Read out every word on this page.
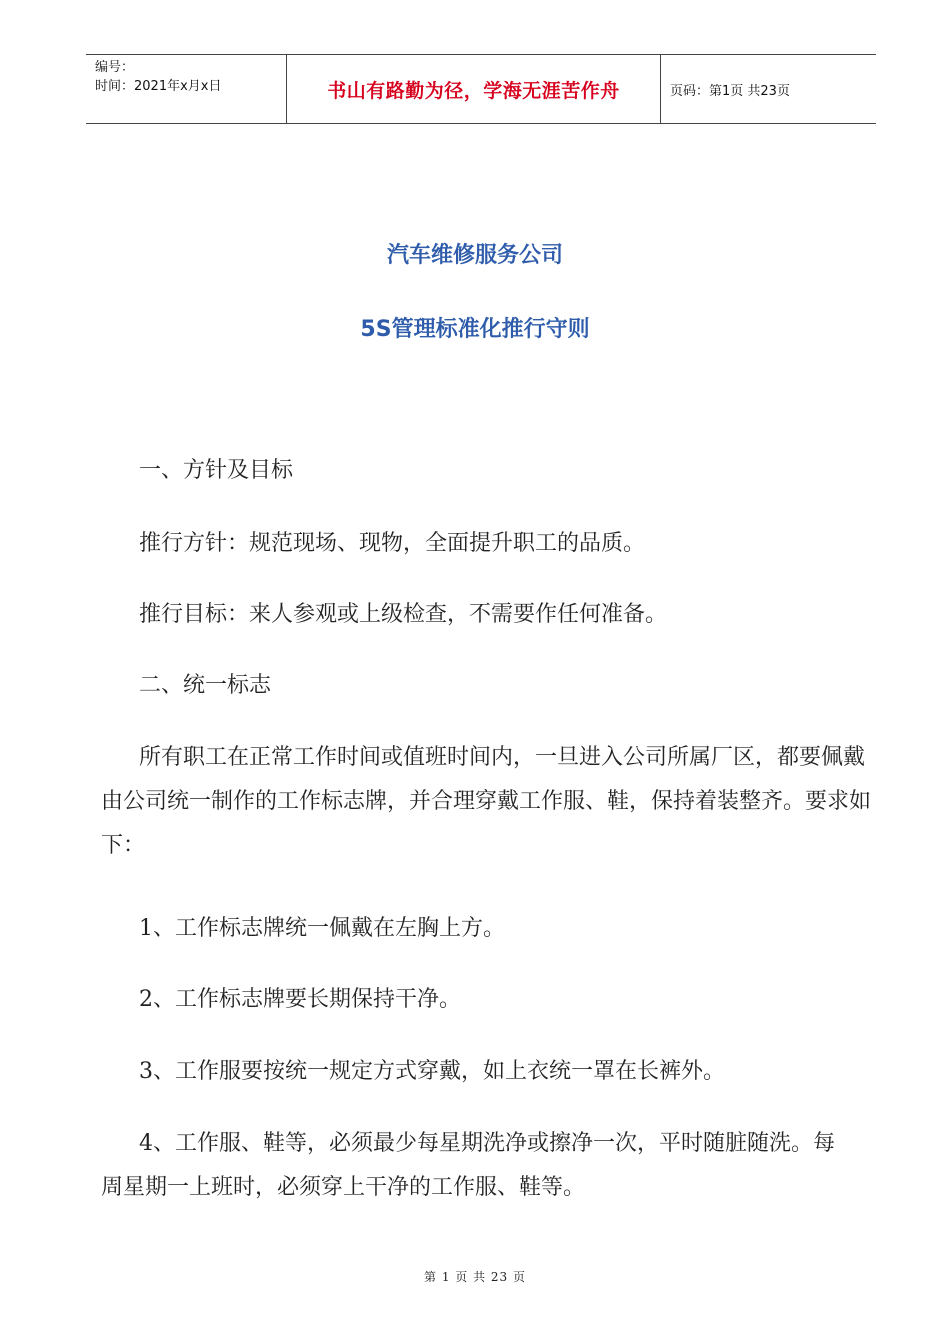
编号：
时间：2021年x月x日	书山有路勤为径，学海无涯苦作舟	页码：第1页 共23页
汽车维修服务公司
5S管理标准化推行守则
一、方针及目标
推行方针：规范现场、现物，全面提升职工的品质。
推行目标：来人参观或上级检查，不需要作任何准备。
二、统一标志
所有职工在正常工作时间或值班时间内，一旦进入公司所属厂区，都要佩戴由公司统一制作的工作标志牌，并合理穿戴工作服、鞋，保持着装整齐。要求如下：
1、工作标志牌统一佩戴在左胸上方。
2、工作标志牌要长期保持干净。
3、工作服要按统一规定方式穿戴，如上衣统一罩在长裤外。
4、工作服、鞋等，必须最少每星期洗净或擦净一次，平时随脏随洗。每周星期一上班时，必须穿上干净的工作服、鞋等。
第 1 页 共 23 页
